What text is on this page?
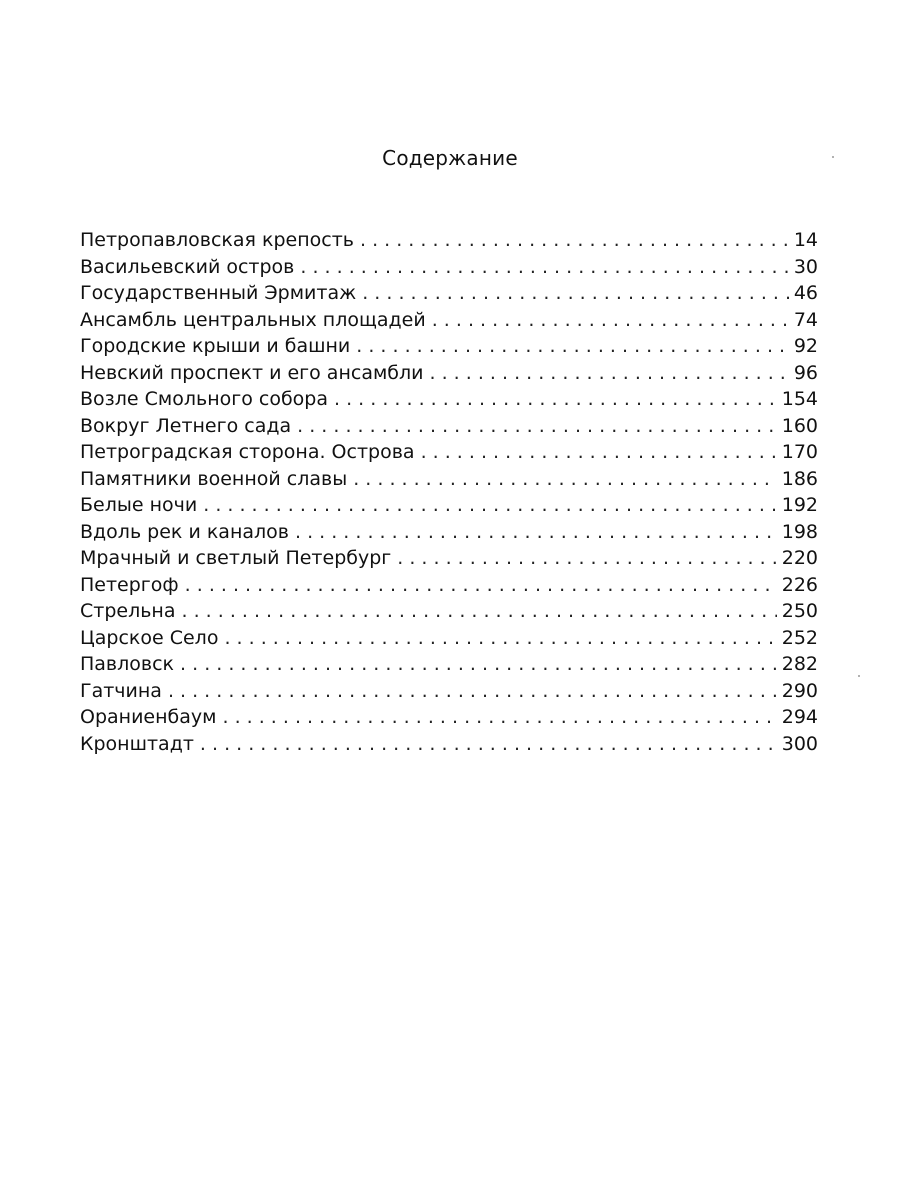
Содержание
Петропавловская крепость . . .	14
Васильевский остров . . .	30
Государственный Эрмитаж . . .	46
Ансамбль центральных площадей . . .	74
Городские крыши и башни . . .	92
Невский проспект и его ансамбли . . .	96
Возле Смольного собора . . .	154
Вокруг Летнего сада . . .	160
Петроградская сторона. Острова . . .	170
Памятники военной славы . . .	186
Белые ночи . . .	192
Вдоль рек и каналов . . .	198
Мрачный и светлый Петербург . . .	220
Петергоф . . .	226
Стрельна . . .	250
Царское Село . . .	252
Павловск . . .	282
Гатчина . . .	290
Ораниенбаум . . .	294
Кронштадт . . .	300
